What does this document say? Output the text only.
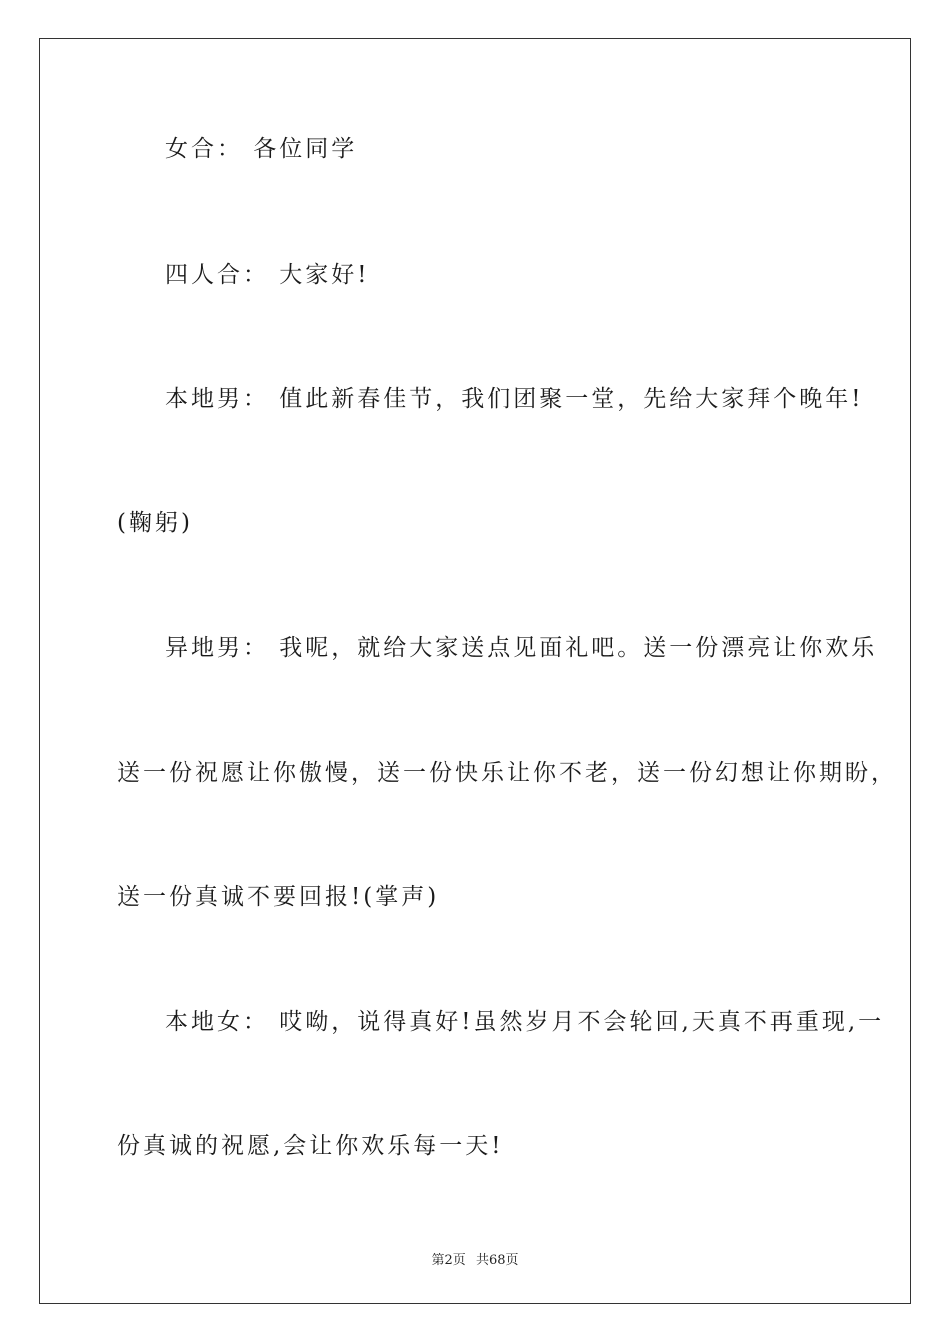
女合： 各位同学
四人合： 大家好!
本地男： 值此新春佳节，我们团聚一堂，先给大家拜个晚年!
(鞠躬)
异地男： 我呢，就给大家送点见面礼吧。送一份漂亮让你欢乐
送一份祝愿让你傲慢，送一份快乐让你不老，送一份幻想让你期盼，
送一份真诚不要回报!(掌声)
本地女： 哎呦，说得真好!虽然岁月不会轮回,天真不再重现,一
份真诚的祝愿,会让你欢乐每一天!
第2页 共68页
